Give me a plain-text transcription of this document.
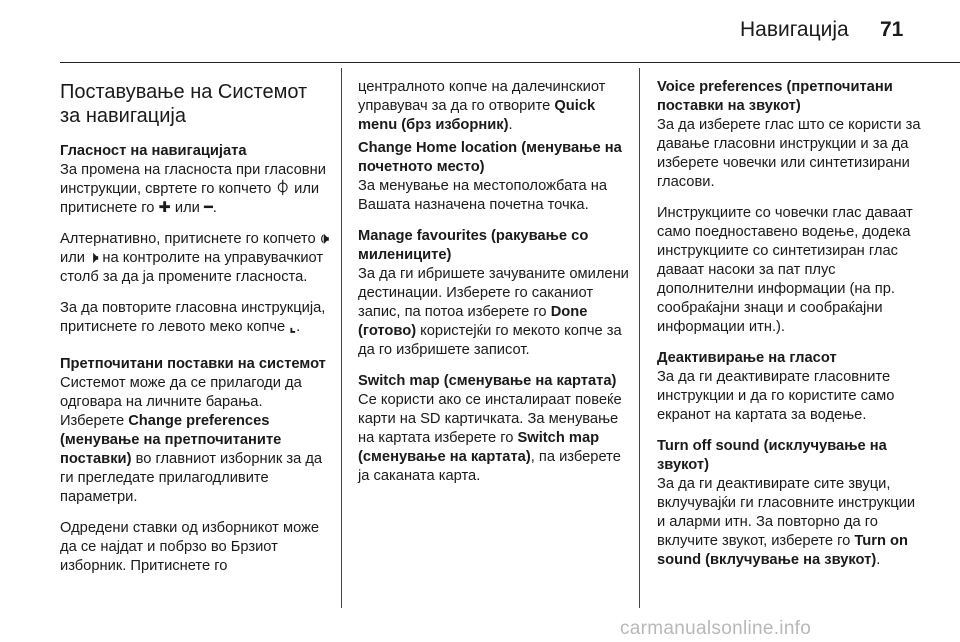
Навигација 71
Поставување на Системот за навигација
Гласност на навигацијата

За промена на гласноста при гласовни инструкции, свртете го копчето ⏀ или притиснете го ✚ или ━.

Алтернативно, притиснете го копчето 🕩 или 🕨 на контролите на управувачкиот столб за да ја промените гласноста.

За да повторите гласовна инструкција, притиснете го левото меко копче ⌞.

Претпочитани поставки на системот

Системот може да се прилагоди да одговара на личните барања. Изберете Change preferences (менување на претпочитаните поставки) во главниот изборник за да ги прегледате прилагодливите параметри.

Одредени ставки од изборникот може да се најдат и побрзо во Брзиот изборник. Притиснете го

централното копче на далечинскиот управувач за да го отворите Quick menu (брз изборник).

Change Home location (менување на почетното место)

За менување на местоположбата на Вашата назначена почетна точка.

Manage favourites (ракување со милениците)

За да ги ибришете зачуваните омилени дестинации. Изберете го саканиот запис, па потоа изберете го Done (готово) користејќи го мекото копче за да го избришете записот.

Switch map (сменување на картата)

Се користи ако се инсталираат повеќе карти на SD картичката. За менување на картата изберете го Switch map (сменување на картата), па изберете ја саканата карта.

Voice preferences (претпочитани поставки на звукот)

За да изберете глас што се користи за давање гласовни инструкции и за да изберете човечки или синтетизирани гласови.

Инструкциите со човечки глас даваат само поедноставено водење, додека инструкциите со синтетизиран глас даваат насоки за пат плус дополнителни информации (на пр. сообраќајни знаци и сообраќајни информации итн.).

Деактивирање на гласот

За да ги деактивирате гласовните инструкции и да го користите само екранот на картата за водење.

Turn off sound (исклучување на звукот)

За да ги деактивирате сите звуци, вклучувајќи ги гласовните инструкции и аларми итн. За повторно да го вклучите звукот, изберете го Turn on sound (вклучување на звукот).

carmanualsonline.info
